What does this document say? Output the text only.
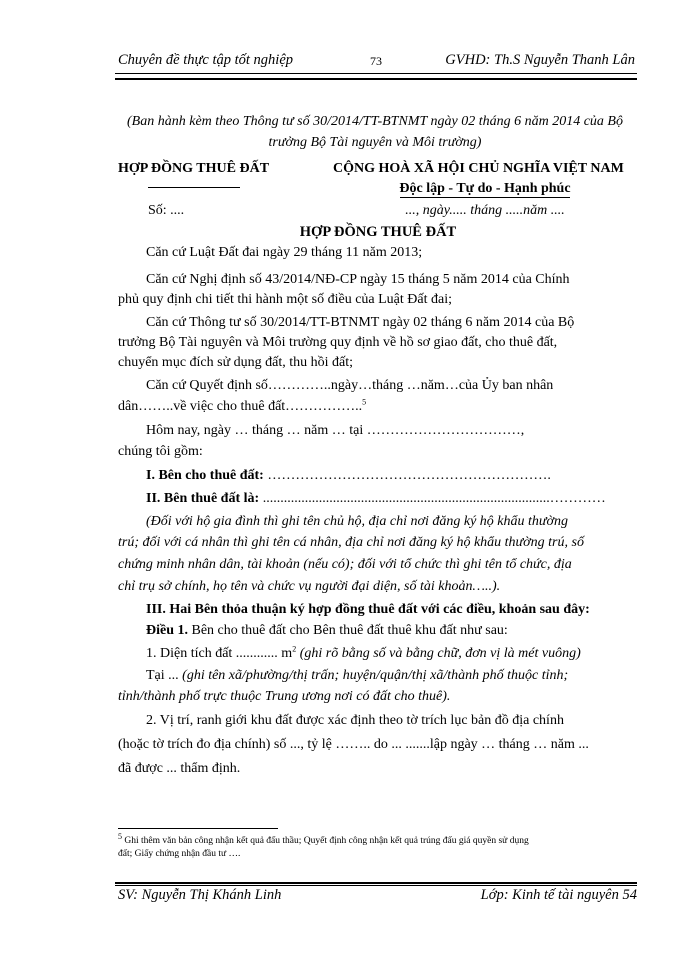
Chuyên đề thực tập tốt nghiệp	73	GVHD: Th.S Nguyễn Thanh Lân
(Ban hành kèm theo Thông tư số 30/2014/TT-BTNMT ngày 02 tháng 6 năm 2014 của Bộ
trưởng Bộ Tài nguyên và Môi trường)
HỢP ĐỒNG THUÊ ĐẤT
Số: ....
CỘNG HOÀ XÃ HỘI CHỦ NGHĨA VIỆT NAM
Độc lập - Tự do - Hạnh phúc
..., ngày..... tháng .....năm ....
HỢP ĐỒNG THUÊ ĐẤT
Căn cứ Luật Đất đai ngày 29 tháng 11 năm 2013;
Căn cứ Nghị định số 43/2014/NĐ-CP ngày 15 tháng 5 năm 2014 của Chính
phủ quy định chi tiết thi hành một số điều của Luật Đất đai;
Căn cứ Thông tư số 30/2014/TT-BTNMT ngày 02 tháng 6 năm 2014 của Bộ
trưởng Bộ Tài nguyên và Môi trường quy định về hồ sơ giao đất, cho thuê đất,
chuyển mục đích sử dụng đất, thu hồi đất;
Căn cứ Quyết định số…………..ngày…tháng …năm…của Ủy ban nhân
dân……..về việc cho thuê đất……………..$^5$
Hôm nay, ngày … tháng … năm … tại ……………………………,
chúng tôi gồm:
I. Bên cho thuê đất: …………………………………………………….
II. Bên thuê đất là: ..................................................................................…………
(Đối với hộ gia đình thì ghi tên chủ hộ, địa chỉ nơi đăng ký hộ khẩu thường
trú; đối với cá nhân thì ghi tên cá nhân, địa chỉ nơi đăng ký hộ khẩu thường trú, số
chứng minh nhân dân, tài khoản (nếu có); đối với tổ chức thì ghi tên tổ chức, địa
chỉ trụ sở chính, họ tên và chức vụ người đại diện, số tài khoản…..).
III. Hai Bên thỏa thuận ký hợp đồng thuê đất với các điều, khoản sau đây:
Điều 1. Bên cho thuê đất cho Bên thuê đất thuê khu đất như sau:
1. Diện tích đất ............ $m^2$ (ghi rõ bằng số và bằng chữ, đơn vị là mét vuông)
Tại ... (ghi tên xã/phường/thị trấn; huyện/quận/thị xã/thành phố thuộc tỉnh;
tỉnh/thành phố trực thuộc Trung ương nơi có đất cho thuê).
2. Vị trí, ranh giới khu đất được xác định theo tờ trích lục bản đồ địa chính
(hoặc tờ trích đo địa chính) số ..., tỷ lệ …….. do ... .......lập ngày … tháng … năm ...
đã được ... thẩm định.
$^5$ Ghi thêm văn bản công nhận kết quả đấu thầu; Quyết định công nhận kết quả trúng đấu giá quyền sử dụng
đất; Giấy chứng nhận đầu tư ….
SV: Nguyễn Thị Khánh Linh	Lớp: Kinh tế tài nguyên 54
